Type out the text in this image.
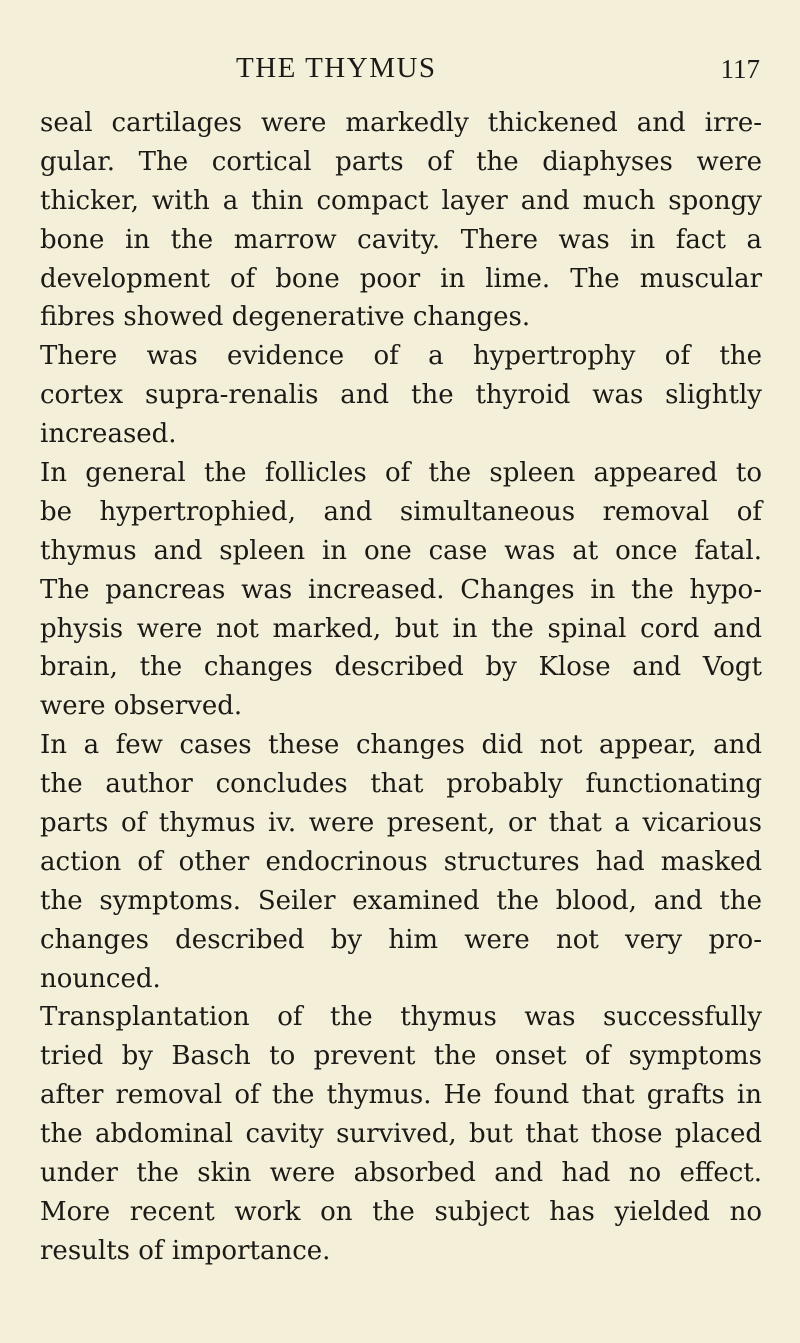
THE THYMUS	117
seal cartilages were markedly thickened and irre-
gular. The cortical parts of the diaphyses were
thicker, with a thin compact layer and much spongy
bone in the marrow cavity. There was in fact a
development of bone poor in lime. The muscular
fibres showed degenerative changes.
There was evidence of a hypertrophy of the
cortex supra-renalis and the thyroid was slightly
increased.
In general the follicles of the spleen appeared to
be hypertrophied, and simultaneous removal of
thymus and spleen in one case was at once fatal.
The pancreas was increased. Changes in the hypo-
physis were not marked, but in the spinal cord and
brain, the changes described by Klose and Vogt
were observed.
In a few cases these changes did not appear, and
the author concludes that probably functionating
parts of thymus iv. were present, or that a vicarious
action of other endocrinous structures had masked
the symptoms. Seiler examined the blood, and the
changes described by him were not very pro-
nounced.
Transplantation of the thymus was successfully
tried by Basch to prevent the onset of symptoms
after removal of the thymus. He found that grafts in
the abdominal cavity survived, but that those placed
under the skin were absorbed and had no effect.
More recent work on the subject has yielded no
results of importance.
